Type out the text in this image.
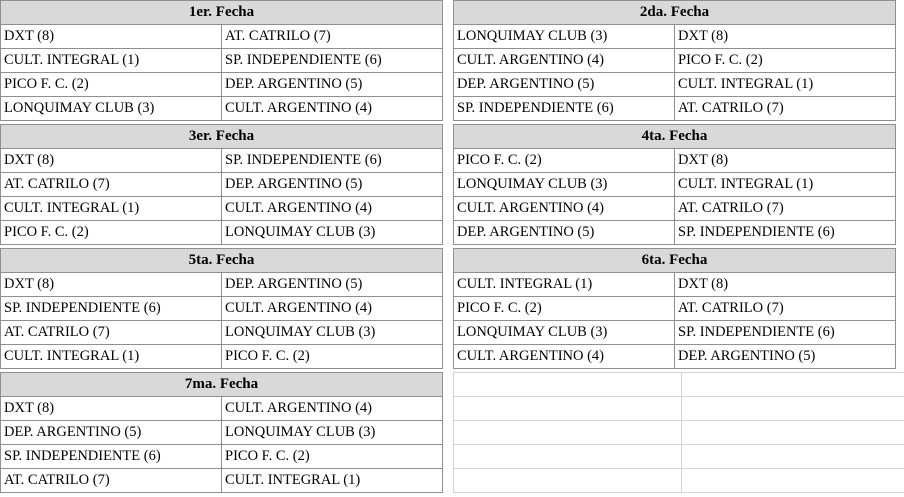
1er. Fecha	
DXT (8)	AT. CATRILO (7)
CULT. INTEGRAL (1)	SP. INDEPENDIENTE (6)
PICO F. C. (2)	DEP. ARGENTINO (5)
LONQUIMAY CLUB (3)	CULT. ARGENTINO (4)
2da. Fecha	
LONQUIMAY CLUB (3)	DXT (8)
CULT. ARGENTINO (4)	PICO F. C. (2)
DEP. ARGENTINO (5)	CULT. INTEGRAL (1)
SP. INDEPENDIENTE (6)	AT. CATRILO (7)
3er. Fecha	
DXT (8)	SP. INDEPENDIENTE (6)
AT. CATRILO (7)	DEP. ARGENTINO (5)
CULT. INTEGRAL (1)	CULT. ARGENTINO (4)
PICO F. C. (2)	LONQUIMAY CLUB (3)
4ta. Fecha	
PICO F. C. (2)	DXT (8)
LONQUIMAY CLUB (3)	CULT. INTEGRAL (1)
CULT. ARGENTINO (4)	AT. CATRILO (7)
DEP. ARGENTINO (5)	SP. INDEPENDIENTE (6)
5ta. Fecha	
DXT (8)	DEP. ARGENTINO (5)
SP. INDEPENDIENTE (6)	CULT. ARGENTINO (4)
AT. CATRILO (7)	LONQUIMAY CLUB (3)
CULT. INTEGRAL (1)	PICO F. C. (2)
6ta. Fecha	
CULT. INTEGRAL (1)	DXT (8)
PICO F. C. (2)	AT. CATRILO (7)
LONQUIMAY CLUB (3)	SP. INDEPENDIENTE (6)
CULT. ARGENTINO (4)	DEP. ARGENTINO (5)
7ma. Fecha	
DXT (8)	CULT. ARGENTINO (4)
DEP. ARGENTINO (5)	LONQUIMAY CLUB (3)
SP. INDEPENDIENTE (6)	PICO F. C. (2)
AT. CATRILO (7)	CULT. INTEGRAL (1)
